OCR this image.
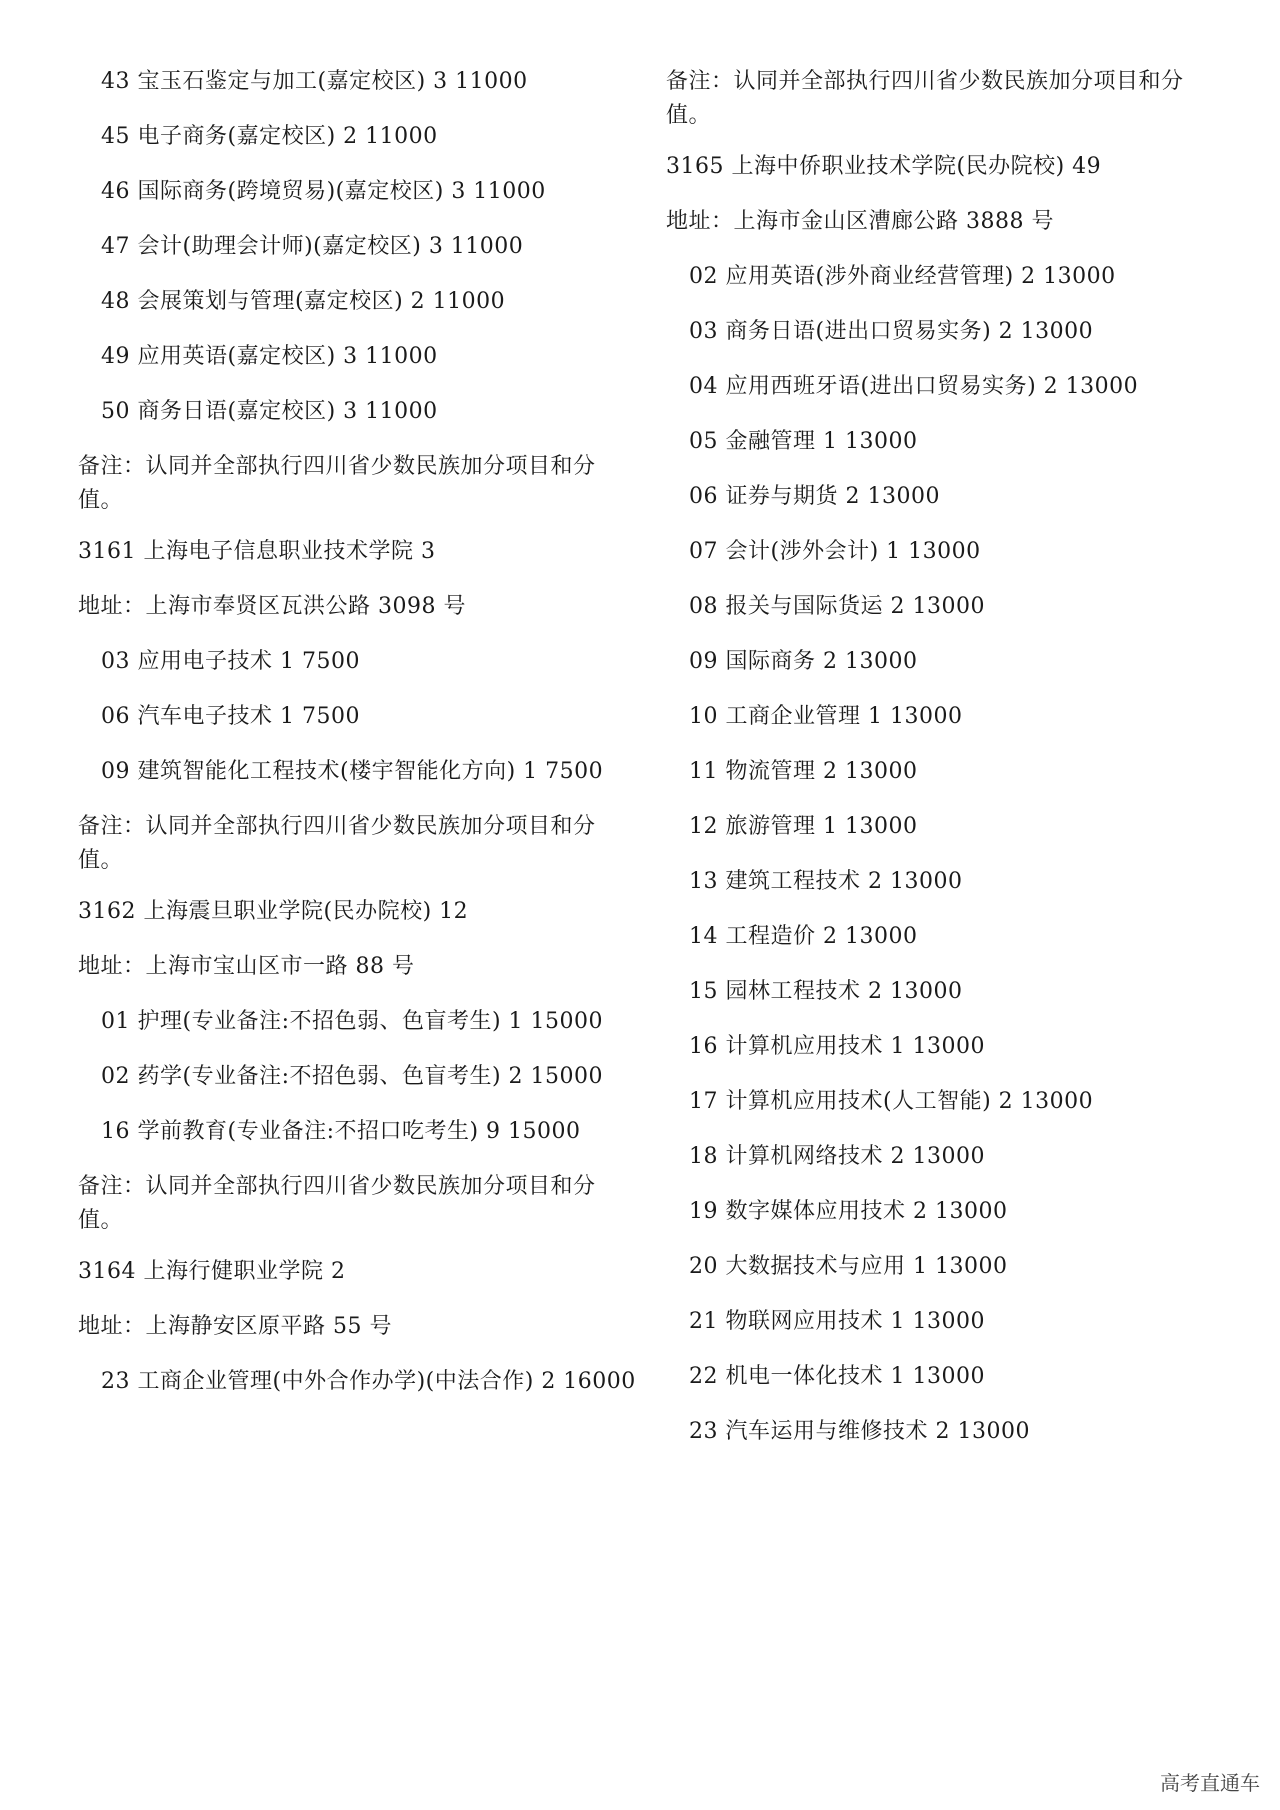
43 宝玉石鉴定与加工(嘉定校区) 3 11000
45 电子商务(嘉定校区) 2 11000
46 国际商务(跨境贸易)(嘉定校区) 3 11000
47 会计(助理会计师)(嘉定校区) 3 11000
48 会展策划与管理(嘉定校区) 2 11000
49 应用英语(嘉定校区) 3 11000
50 商务日语(嘉定校区) 3 11000
备注：认同并全部执行四川省少数民族加分项目和分值。
3161 上海电子信息职业技术学院 3
地址：上海市奉贤区瓦洪公路 3098 号
03 应用电子技术 1 7500
06 汽车电子技术 1 7500
09 建筑智能化工程技术(楼宇智能化方向) 1 7500
备注：认同并全部执行四川省少数民族加分项目和分值。
3162 上海震旦职业学院(民办院校) 12
地址：上海市宝山区市一路 88 号
01 护理(专业备注:不招色弱、色盲考生) 1 15000
02 药学(专业备注:不招色弱、色盲考生) 2 15000
16 学前教育(专业备注:不招口吃考生) 9 15000
备注：认同并全部执行四川省少数民族加分项目和分值。
3164 上海行健职业学院 2
地址：上海静安区原平路 55 号
23 工商企业管理(中外合作办学)(中法合作) 2 16000
备注：认同并全部执行四川省少数民族加分项目和分值。
3165 上海中侨职业技术学院(民办院校) 49
地址：上海市金山区漕廊公路 3888 号
02 应用英语(涉外商业经营管理) 2 13000
03 商务日语(进出口贸易实务) 2 13000
04 应用西班牙语(进出口贸易实务) 2 13000
05 金融管理 1 13000
06 证券与期货 2 13000
07 会计(涉外会计) 1 13000
08 报关与国际货运 2 13000
09 国际商务 2 13000
10 工商企业管理 1 13000
11 物流管理 2 13000
12 旅游管理 1 13000
13 建筑工程技术 2 13000
14 工程造价 2 13000
15 园林工程技术 2 13000
16 计算机应用技术 1 13000
17 计算机应用技术(人工智能) 2 13000
18 计算机网络技术 2 13000
19 数字媒体应用技术 2 13000
20 大数据技术与应用 1 13000
21 物联网应用技术 1 13000
22 机电一体化技术 1 13000
23 汽车运用与维修技术 2 13000
高考直通车
